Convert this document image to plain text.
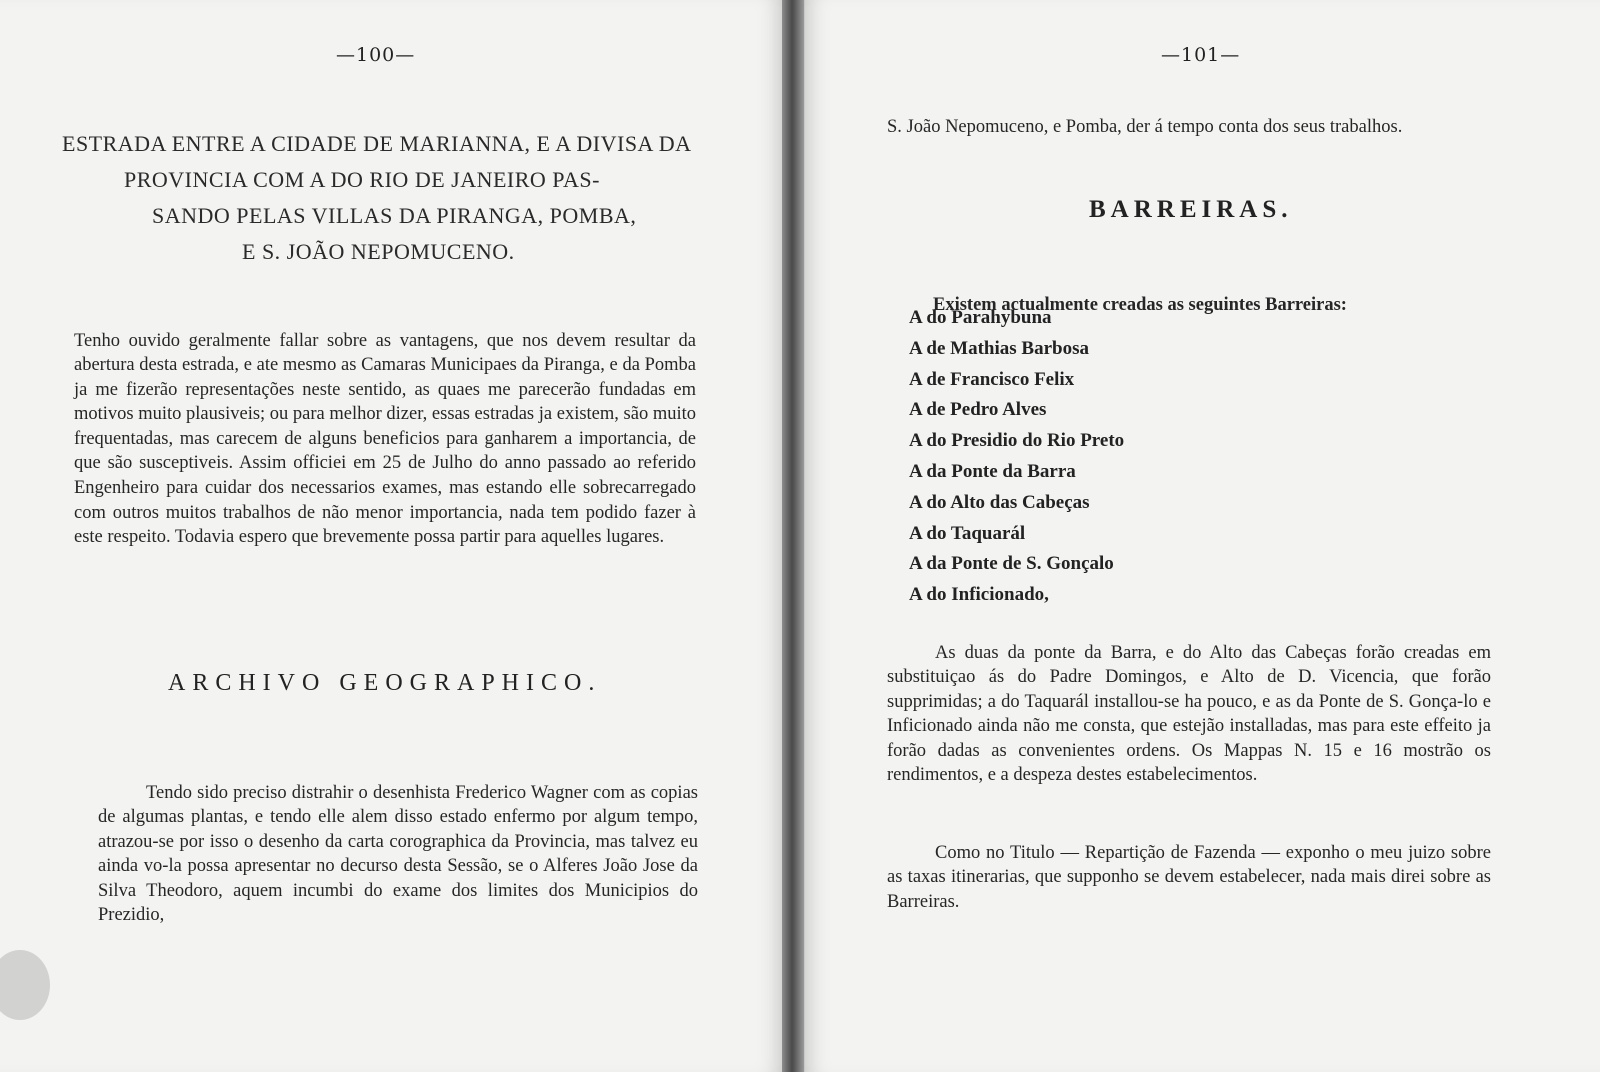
—100—
ESTRADA ENTRE A CIDADE DE MARIANNA, E A DIVISA DA
PROVINCIA COM A DO RIO DE JANEIRO PAS-
SANDO PELAS VILLAS DA PIRANGA, POMBA,
E S. JOÃO NEPOMUCENO.

Tenho ouvido geralmente fallar sobre as vantagens, que nos devem resultar da abertura desta estrada, e ate mesmo as Camaras Municipaes da Piranga, e da Pomba ja me fizerão representações neste sentido, as quaes me parecerão fundadas em motivos muito plausiveis; ou para melhor dizer, essas estradas ja existem, são muito frequentadas, mas carecem de alguns beneficios para ganharem a importancia, de que são susceptiveis. Assim officiei em 25 de Julho do anno passado ao referido Engenheiro para cuidar dos necessarios exames, mas estando elle sobrecarregado com outros muitos trabalhos de não menor importancia, nada tem podido fazer à este respeito. Todavia espero que brevemente possa partir para aquelles lugares.

ARCHIVO GEOGRAPHICO.

Tendo sido preciso distrahir o desenhista Frederico Wagner com as copias de algumas plantas, e tendo elle alem disso estado enfermo por algum tempo, atrazou-se por isso o desenho da carta corographica da Provincia, mas talvez eu ainda vo-la possa apresentar no decurso desta Sessão, se o Alferes João Jose da Silva Theodoro, aquem incumbi do exame dos limites dos Municipios do Prezidio,

—101—

S. João Nepomuceno, e Pomba, der á tempo conta dos seus trabalhos.

BARREIRAS.

Existem actualmente creadas as seguintes Barreiras:

A do Parahybuna
A de Mathias Barbosa
A de Francisco Felix
A de Pedro Alves
A do Presidio do Rio Preto
A da Ponte da Barra
A do Alto das Cabeças
A do Taquarál
A da Ponte de S. Gonçalo
A do Inficionado,

As duas da ponte da Barra, e do Alto das Cabeças forão creadas em substituiçao ás do Padre Domingos, e Alto de D. Vicencia, que forão supprimidas; a do Taquarál installou-se ha pouco, e as da Ponte de S. Gonça-lo e Inficionado ainda não me consta, que estejão installadas, mas para este effeito ja forão dadas as convenientes ordens. Os Mappas N. 15 e 16 mostrão os rendimentos, e a despeza destes estabelecimentos.

Como no Titulo — Repartição de Fazenda — exponho o meu juizo sobre as taxas itinerarias, que supponho se devem estabelecer, nada mais direi sobre as Barreiras.
